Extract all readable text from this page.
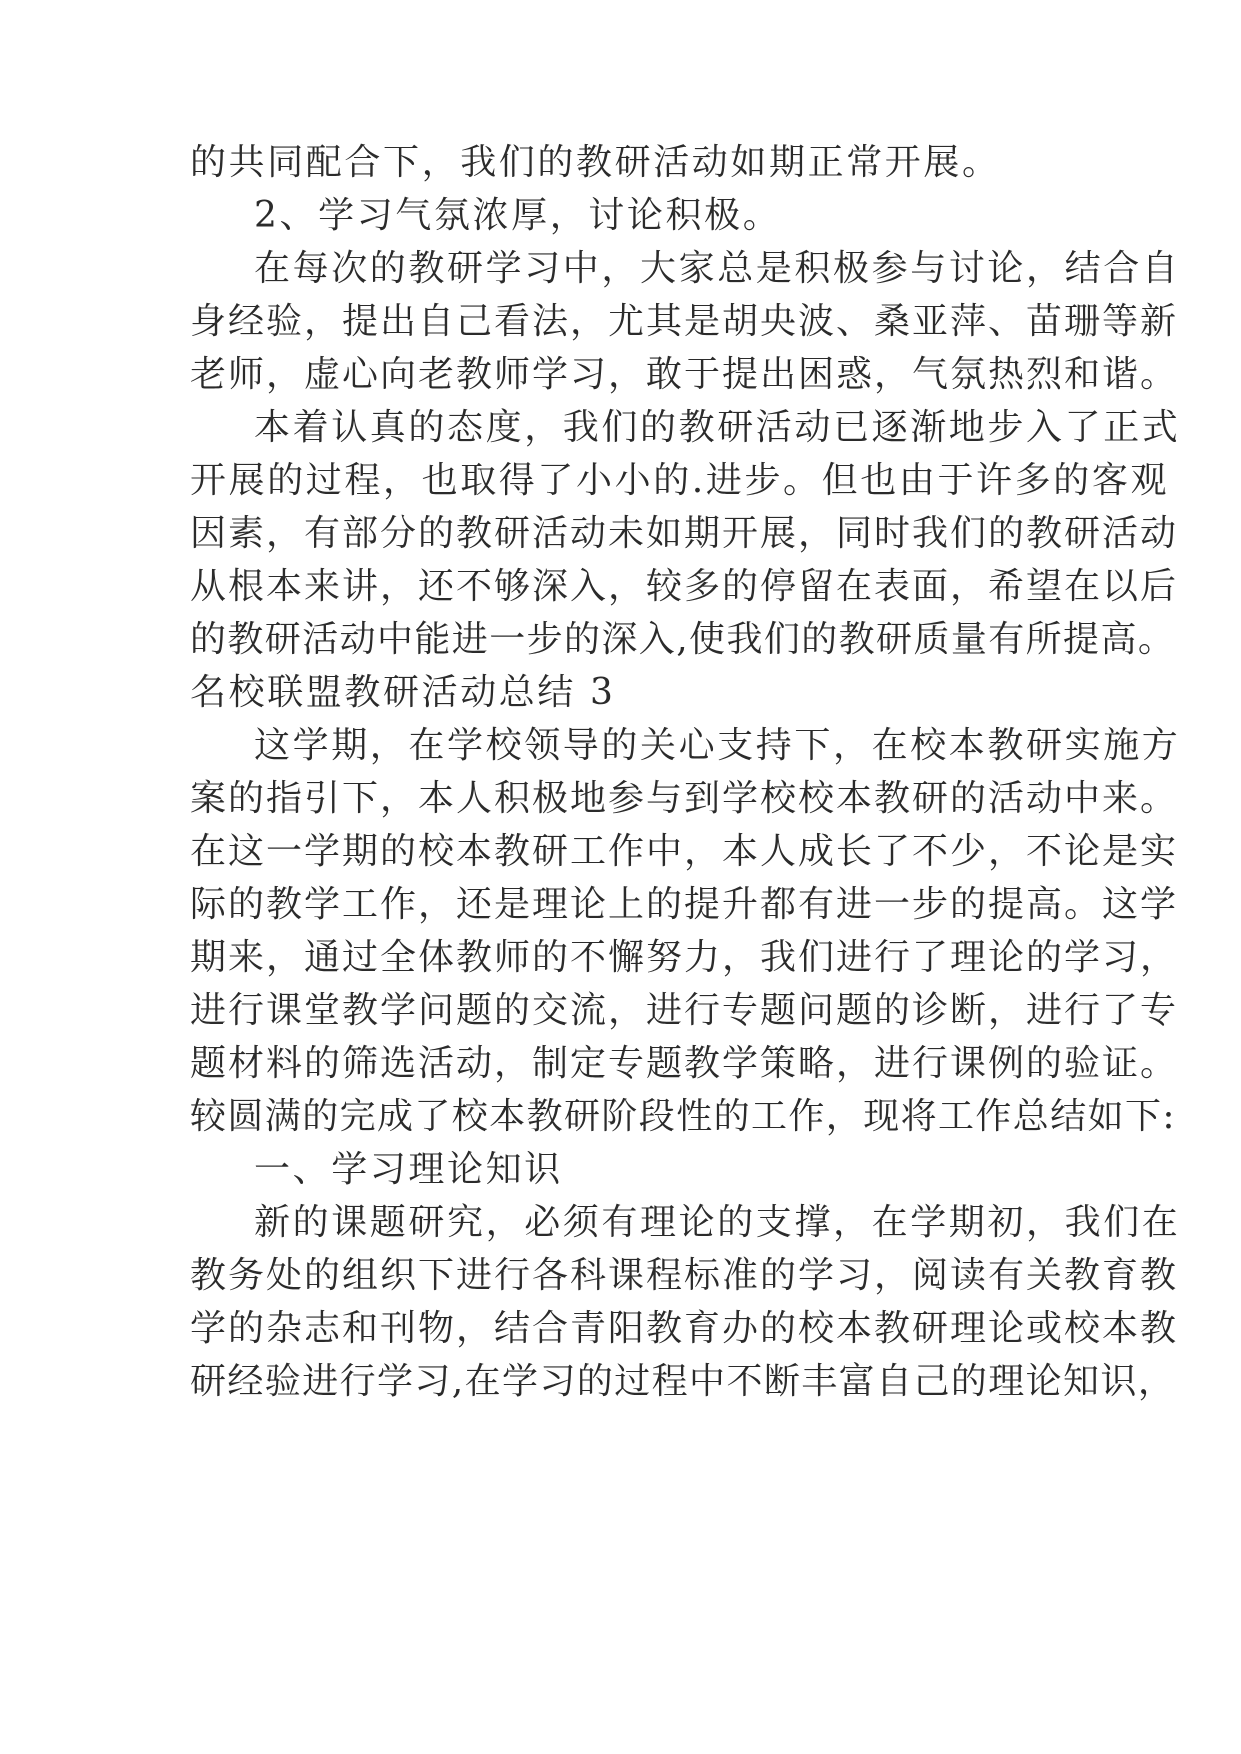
的共同配合下，我们的教研活动如期正常开展。
2、学习气氛浓厚，讨论积极。
在每次的教研学习中，大家总是积极参与讨论，结合自
身经验，提出自己看法，尤其是胡央波、桑亚萍、苗珊等新
老师，虚心向老教师学习，敢于提出困惑，气氛热烈和谐。
本着认真的态度，我们的教研活动已逐渐地步入了正式
开展的过程，也取得了小小的.进步。但也由于许多的客观
因素，有部分的教研活动未如期开展，同时我们的教研活动
从根本来讲，还不够深入，较多的停留在表面，希望在以后
的教研活动中能进一步的深入,使我们的教研质量有所提高。
名校联盟教研活动总结 3
这学期，在学校领导的关心支持下，在校本教研实施方
案的指引下，本人积极地参与到学校校本教研的活动中来。
在这一学期的校本教研工作中，本人成长了不少，不论是实
际的教学工作，还是理论上的提升都有进一步的提高。这学
期来，通过全体教师的不懈努力，我们进行了理论的学习，
进行课堂教学问题的交流，进行专题问题的诊断，进行了专
题材料的筛选活动，制定专题教学策略，进行课例的验证。
较圆满的完成了校本教研阶段性的工作，现将工作总结如下:
一、学习理论知识
新的课题研究，必须有理论的支撑，在学期初，我们在
教务处的组织下进行各科课程标准的学习，阅读有关教育教
学的杂志和刊物，结合青阳教育办的校本教研理论或校本教
研经验进行学习,在学习的过程中不断丰富自己的理论知识，
